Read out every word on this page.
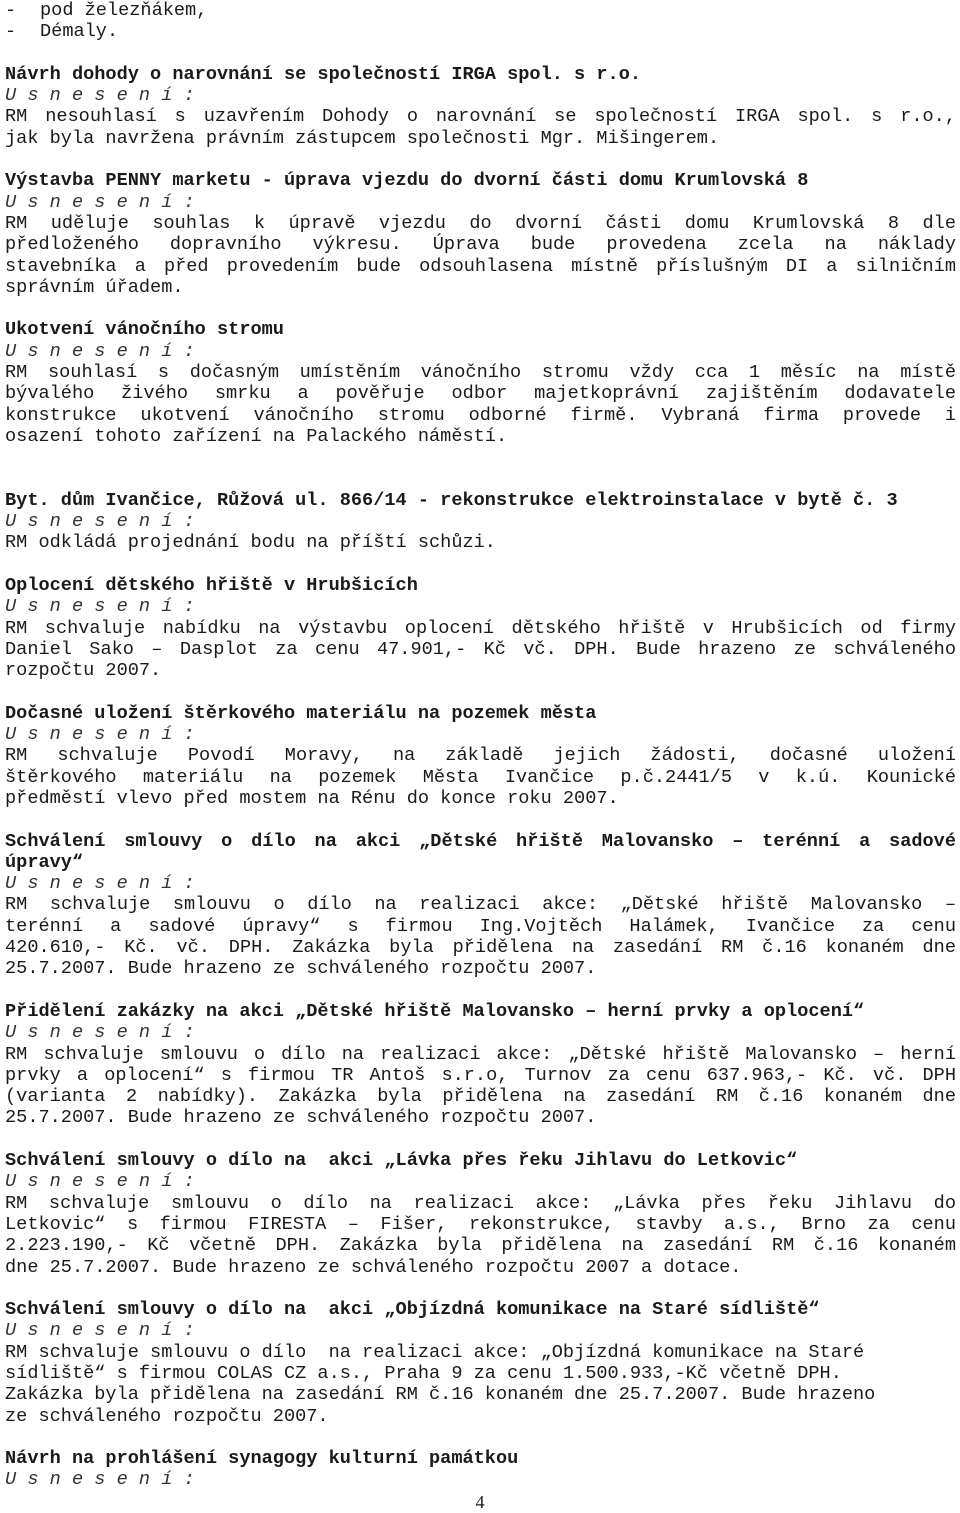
-	pod železňákem,
-	Démaly.
Návrh dohody o narovnání se společností IRGA spol. s r.o.
U s n e s e n í :
RM nesouhlasí s uzavřením Dohody o narovnání se společností IRGA spol. s r.o.,
jak byla navržena právním zástupcem společnosti Mgr. Mišingerem.
Výstavba PENNY marketu - úprava vjezdu do dvorní části domu Krumlovská 8
U s n e s e n í :
RM uděluje souhlas k úpravě vjezdu do dvorní části domu Krumlovská 8 dle
předloženého dopravního výkresu. Úprava bude provedena zcela na náklady
stavebníka a před provedením bude odsouhlasena místně příslušným DI a silničním
správním úřadem.
Ukotvení vánočního stromu
U s n e s e n í :
RM souhlasí s dočasným umístěním vánočního stromu vždy cca 1 měsíc na místě
bývalého živého smrku a pověřuje odbor majetkoprávní zajištěním dodavatele
konstrukce ukotvení vánočního stromu odborné firmě. Vybraná firma provede i
osazení tohoto zařízení na Palackého náměstí.
Byt. dům Ivančice, Růžová ul. 866/14 - rekonstrukce elektroinstalace v bytě č. 3
U s n e s e n í :
RM odkládá projednání bodu na příští schůzi.
Oplocení dětského hřiště v Hrubšicích
U s n e s e n í :
RM schvaluje nabídku na výstavbu oplocení dětského hřiště v Hrubšicích od firmy
Daniel Sako – Dasplot za cenu 47.901,- Kč vč. DPH. Bude hrazeno ze schváleného
rozpočtu 2007.
Dočasné uložení štěrkového materiálu na pozemek města
U s n e s e n í :
RM schvaluje Povodí Moravy, na základě jejich žádosti, dočasné uložení
štěrkového materiálu na pozemek Města Ivančice p.č.2441/5 v k.ú. Kounické
předměstí vlevo před mostem na Rénu do konce roku 2007.
Schválení smlouvy o dílo na akci „Dětské hřiště Malovansko – terénní a sadové
úpravy“
U s n e s e n í :
RM schvaluje smlouvu o dílo na realizaci akce: „Dětské hřiště Malovansko –
terénní a sadové úpravy“ s firmou Ing.Vojtěch Halámek, Ivančice za cenu
420.610,- Kč. vč. DPH. Zakázka byla přidělena na zasedání RM č.16 konaném dne
25.7.2007. Bude hrazeno ze schváleného rozpočtu 2007.
Přidělení zakázky na akci „Dětské hřiště Malovansko – herní prvky a oplocení“
U s n e s e n í :
RM schvaluje smlouvu o dílo na realizaci akce: „Dětské hřiště Malovansko – herní
prvky a oplocení“ s firmou TR Antoš s.r.o, Turnov za cenu 637.963,- Kč. vč. DPH
(varianta 2 nabídky). Zakázka byla přidělena na zasedání RM č.16 konaném dne
25.7.2007. Bude hrazeno ze schváleného rozpočtu 2007.
Schválení smlouvy o dílo na  akci „Lávka přes řeku Jihlavu do Letkovic“
U s n e s e n í :
RM schvaluje smlouvu o dílo na realizaci akce: „Lávka přes řeku Jihlavu do
Letkovic“ s firmou FIRESTA – Fišer, rekonstrukce, stavby a.s., Brno za cenu
2.223.190,- Kč včetně DPH. Zakázka byla přidělena na zasedání RM č.16 konaném
dne 25.7.2007. Bude hrazeno ze schváleného rozpočtu 2007 a dotace.
Schválení smlouvy o dílo na  akci „Objízdná komunikace na Staré sídliště“
U s n e s e n í :
RM schvaluje smlouvu o dílo  na realizaci akce: „Objízdná komunikace na Staré
sídliště“ s firmou COLAS CZ a.s., Praha 9 za cenu 1.500.933,-Kč včetně DPH.
Zakázka byla přidělena na zasedání RM č.16 konaném dne 25.7.2007. Bude hrazeno
ze schváleného rozpočtu 2007.
Návrh na prohlášení synagogy kulturní památkou
U s n e s e n í :
4
